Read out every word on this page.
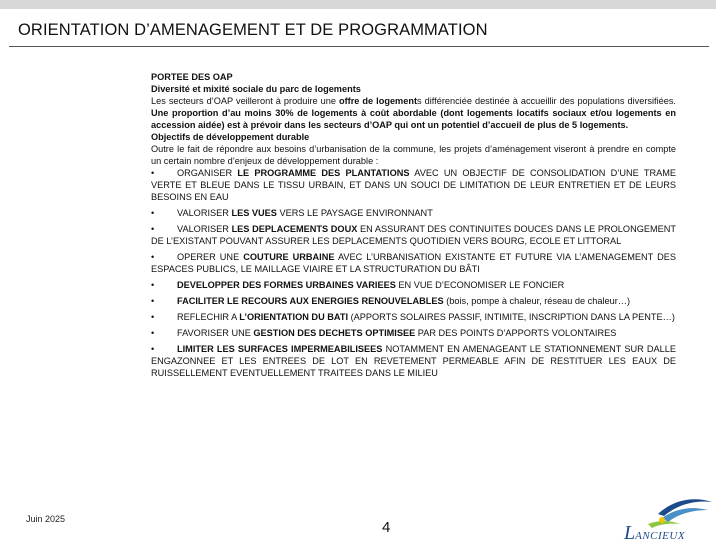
ORIENTATION D’AMENAGEMENT ET DE PROGRAMMATION

PORTEE DES OAP

Diversité et mixité sociale du parc de logements

Les secteurs d’OAP veilleront à produire une offre de logements différenciée destinée à accueillir des populations diversifiées. Une proportion d’au moins 30% de logements à coût abordable (dont logements locatifs sociaux et/ou logements en accession aidée) est à prévoir dans les secteurs d’OAP qui ont un potentiel d’accueil de plus de 5 logements.

Objectifs de développement durable

Outre le fait de répondre aux besoins d’urbanisation de la commune, les projets d’aménagement viseront à prendre en compte un certain nombre d’enjeux de développement durable :

• ORGANISER LE PROGRAMME DES PLANTATIONS AVEC UN OBJECTIF DE CONSOLIDATION D’UNE TRAME VERTE ET BLEUE DANS LE TISSU URBAIN, ET DANS UN SOUCI DE LIMITATION DE LEUR ENTRETIEN ET DE LEURS BESOINS EN EAU
• VALORISER LES VUES VERS LE PAYSAGE ENVIRONNANT
• VALORISER LES DEPLACEMENTS DOUX EN ASSURANT DES CONTINUITES DOUCES DANS LE PROLONGEMENT DE L’EXISTANT POUVANT ASSURER LES DEPLACEMENTS QUOTIDIEN VERS BOURG, ECOLE ET LITTORAL
• OPERER UNE COUTURE URBAINE AVEC L’URBANISATION EXISTANTE ET FUTURE VIA L’AMENAGEMENT DES ESPACES PUBLICS, LE MAILLAGE VIAIRE ET LA STRUCTURATION DU BÂTI
• DEVELOPPER DES FORMES URBAINES VARIEES EN VUE D’ECONOMISER LE FONCIER
• FACILITER LE RECOURS AUX ENERGIES RENOUVELABLES (bois, pompe à chaleur, réseau de chaleur…)
• REFLECHIR A L’ORIENTATION DU BATI (APPORTS SOLAIRES PASSIF, INTIMITE, INSCRIPTION DANS LA PENTE…)
• FAVORISER UNE GESTION DES DECHETS OPTIMISEE PAR DES POINTS D’APPORTS VOLONTAIRES
• LIMITER LES SURFACES IMPERMEABILISEES NOTAMMENT EN AMENAGEANT LE STATIONNEMENT SUR DALLE ENGAZONNEE ET LES ENTREES DE LOT EN REVETEMENT PERMEABLE AFIN DE RESTITUER LES EAUX DE RUISSELLEMENT EVENTUELLEMENT TRAITEES DANS LE MILIEU
Juin 2025	4	LANCIEUX
